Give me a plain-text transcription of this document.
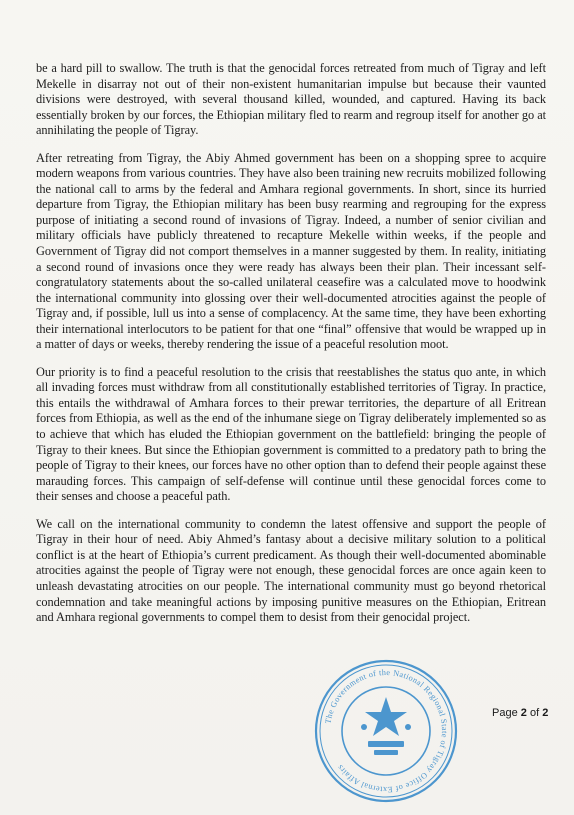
be a hard pill to swallow. The truth is that the genocidal forces retreated from much of Tigray and left Mekelle in disarray not out of their non-existent humanitarian impulse but because their vaunted divisions were destroyed, with several thousand killed, wounded, and captured. Having its back essentially broken by our forces, the Ethiopian military fled to rearm and regroup itself for another go at annihilating the people of Tigray.

After retreating from Tigray, the Abiy Ahmed government has been on a shopping spree to acquire modern weapons from various countries. They have also been training new recruits mobilized following the national call to arms by the federal and Amhara regional governments. In short, since its hurried departure from Tigray, the Ethiopian military has been busy rearming and regrouping for the express purpose of initiating a second round of invasions of Tigray. Indeed, a number of senior civilian and military officials have publicly threatened to recapture Mekelle within weeks, if the people and Government of Tigray did not comport themselves in a manner suggested by them. In reality, initiating a second round of invasions once they were ready has always been their plan. Their incessant self-congratulatory statements about the so-called unilateral ceasefire was a calculated move to hoodwink the international community into glossing over their well-documented atrocities against the people of Tigray and, if possible, lull us into a sense of complacency. At the same time, they have been exhorting their international interlocutors to be patient for that one “final” offensive that would be wrapped up in a matter of days or weeks, thereby rendering the issue of a peaceful resolution moot.

Our priority is to find a peaceful resolution to the crisis that reestablishes the status quo ante, in which all invading forces must withdraw from all constitutionally established territories of Tigray. In practice, this entails the withdrawal of Amhara forces to their prewar territories, the departure of all Eritrean forces from Ethiopia, as well as the end of the inhumane siege on Tigray deliberately implemented so as to achieve that which has eluded the Ethiopian government on the battlefield: bringing the people of Tigray to their knees. But since the Ethiopian government is committed to a predatory path to bring the people of Tigray to their knees, our forces have no other option than to defend their people against these marauding forces. This campaign of self-defense will continue until these genocidal forces come to their senses and choose a peaceful path.

We call on the international community to condemn the latest offensive and support the people of Tigray in their hour of need. Abiy Ahmed’s fantasy about a decisive military solution to a political conflict is at the heart of Ethiopia’s current predicament. As though their well-documented abominable atrocities against the people of Tigray were not enough, these genocidal forces are once again keen to unleash devastating atrocities on our people. The international community must go beyond rhetorical condemnation and take meaningful actions by imposing punitive measures on the Ethiopian, Eritrean and Amhara regional governments to compel them to desist from their genocidal project.

The Government of the National Regional State of Tigray Office of External Affairs
Page 2 of 2
